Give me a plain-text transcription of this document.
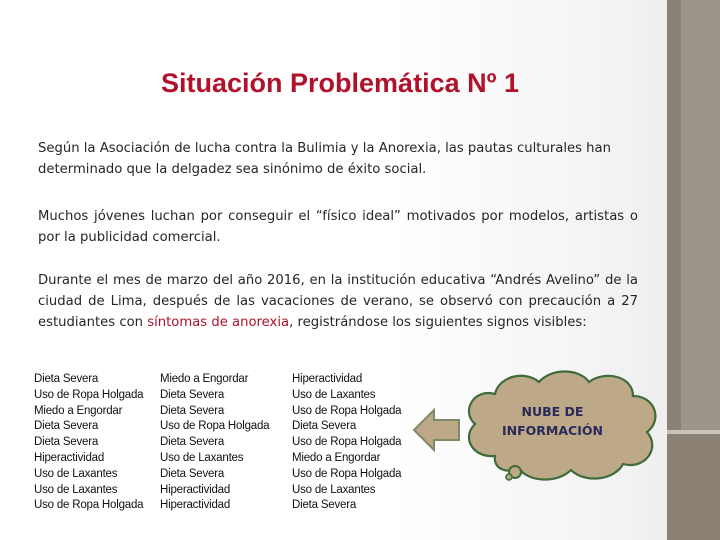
Situación Problemática Nº 1

Según la Asociación de lucha contra la Bulimia y la Anorexia, las pautas culturales han determinado que la delgadez sea sinónimo de éxito social.

Muchos jóvenes luchan por conseguir el “físico ideal” motivados por modelos, artistas o por la publicidad comercial.

Durante el mes de marzo del año 2016, en la institución educativa “Andrés Avelino” de la ciudad de Lima, después de las vacaciones de verano, se observó con precaución a 27 estudiantes con síntomas de anorexia, registrándose los siguientes signos visibles:

Dieta Severa
Uso de Ropa Holgada
Miedo a Engordar
Dieta Severa
Dieta Severa
Hiperactividad
Uso de Laxantes
Uso de Laxantes
Uso de Ropa Holgada
Miedo a Engordar
Dieta Severa
Dieta Severa
Uso de Ropa Holgada
Dieta Severa
Uso de Laxantes
Dieta Severa
Hiperactividad
Hiperactividad
Hiperactividad
Uso de Laxantes
Uso de Ropa Holgada
Dieta Severa
Uso de Ropa Holgada
Miedo a Engordar
Uso de Ropa Holgada
Uso de Laxantes
Dieta Severa

NUBE DE
INFORMACIÓN
